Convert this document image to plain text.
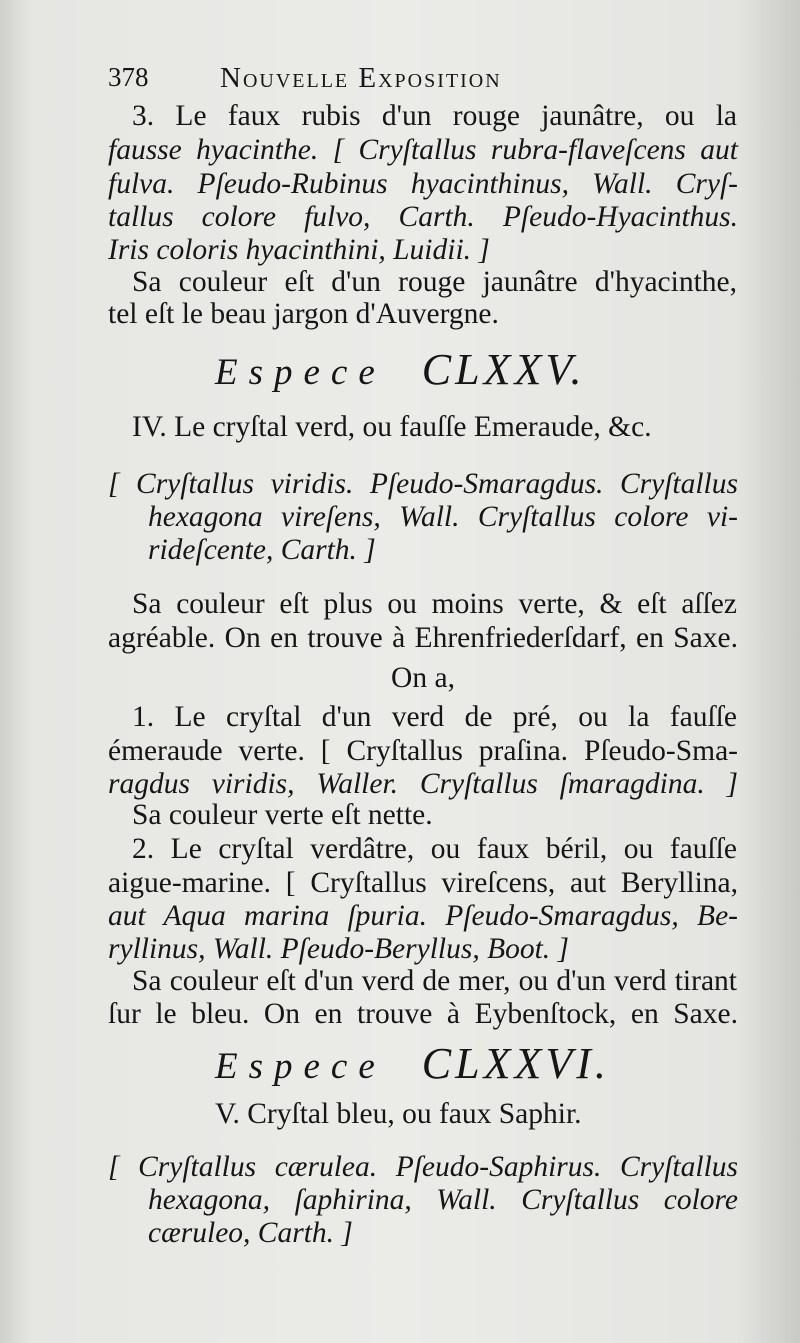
378	Nouvelle Exposition
3. Le faux rubis d'un rouge jaunâtre, ou la
fausse hyacinthe. [ Cryſtallus rubra-flaveſcens aut
fulva. Pſeudo-Rubinus hyacinthinus, Wall. Cryſ-
tallus colore fulvo, Carth. Pſeudo-Hyacinthus.
Iris coloris hyacinthini, Luidii. ]
Sa couleur eſt d'un rouge jaunâtre d'hyacinthe,
tel eſt le beau jargon d'Auvergne.
Espece CLXXV.
IV. Le cryſtal verd, ou fauſſe Emeraude, &c.
[ Cryſtallus viridis. Pſeudo-Smaragdus. Cryſtallus
hexagona vireſens, Wall. Cryſtallus colore vi-
rideſcente, Carth. ]
Sa couleur eſt plus ou moins verte, & eſt aſſez
agréable. On en trouve à Ehrenfriederſdarf, en Saxe.
On a,
1. Le cryſtal d'un verd de pré, ou la fauſſe
émeraude verte. [ Cryſtallus praſina. Pſeudo-Sma-
ragdus viridis, Waller. Cryſtallus ſmaragdina. ]
Sa couleur verte eſt nette.
2. Le cryſtal verdâtre, ou faux béril, ou fauſſe
aigue-marine. [ Cryſtallus vireſcens, aut Beryllina,
aut Aqua marina ſpuria. Pſeudo-Smaragdus, Be-
ryllinus, Wall. Pſeudo-Beryllus, Boot. ]
Sa couleur eſt d'un verd de mer, ou d'un verd tirant
ſur le bleu. On en trouve à Eybenſtock, en Saxe.
Espece CLXXVI.
V. Cryſtal bleu, ou faux Saphir.
[ Cryſtallus cærulea. Pſeudo-Saphirus. Cryſtallus
hexagona, ſaphirina, Wall. Cryſtallus colore
cæruleo, Carth. ]
